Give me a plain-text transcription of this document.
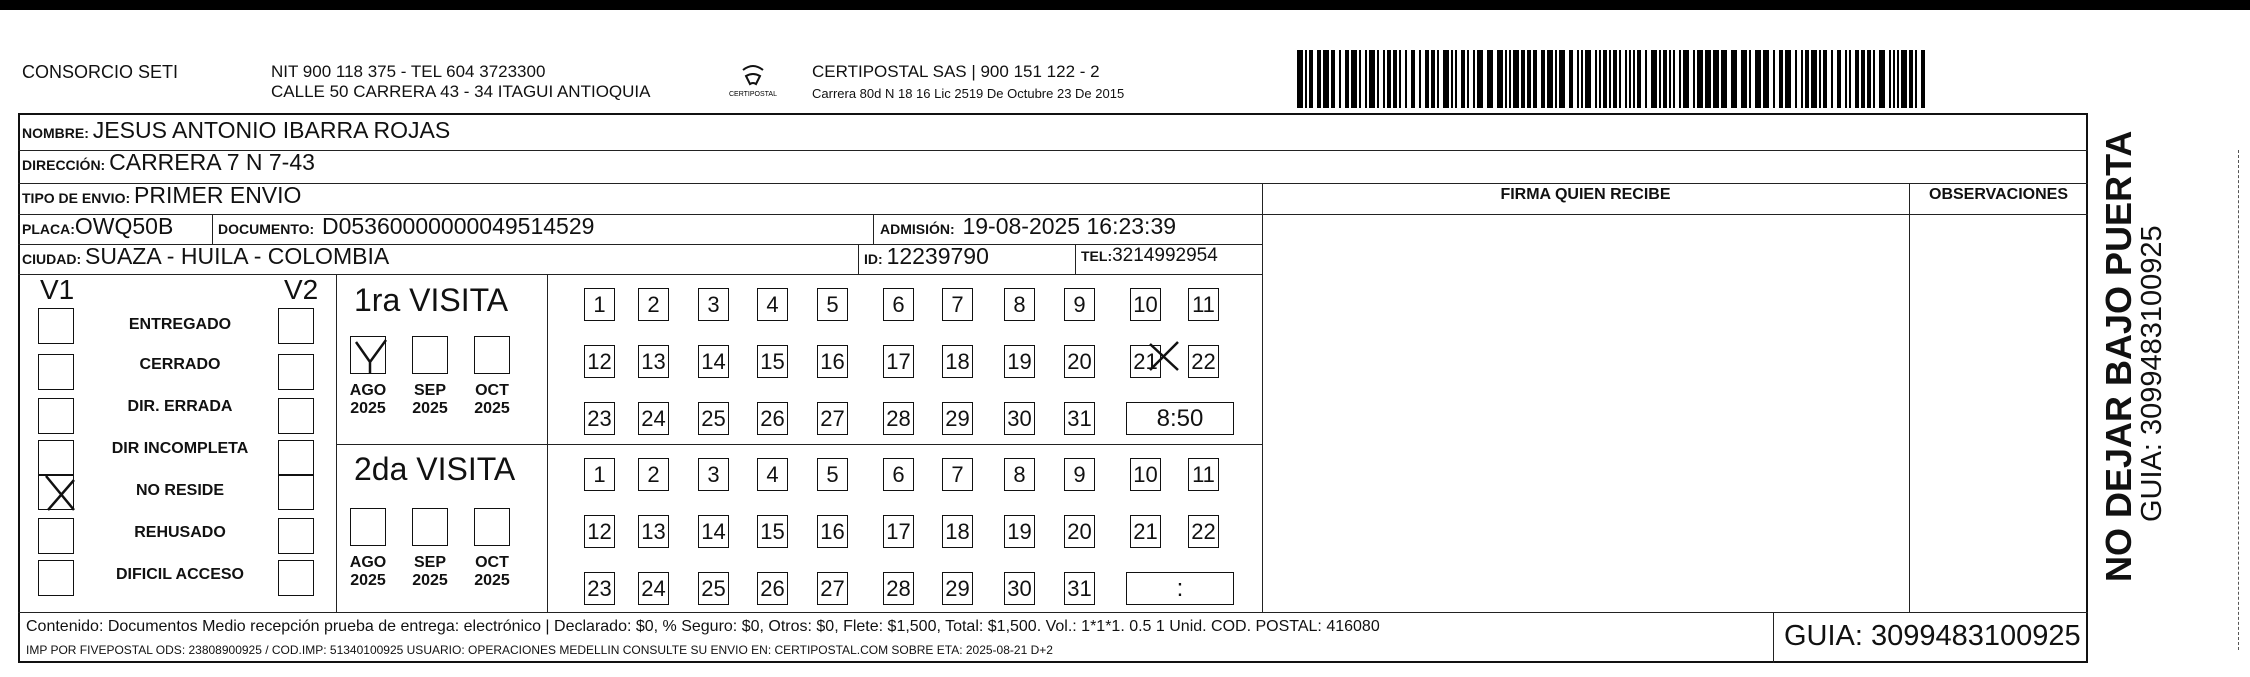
CONSORCIO SETI	NIT 900 118 375 - TEL 604 3723300
CALLE 50 CARRERA 43 - 34 ITAGUI ANTIOQUIA	CERTIPOSTAL
CERTIPOSTAL SAS | 900 151 122 - 2
Carrera 80d N 18 16 Lic 2519 De Octubre 23 De 2015
NOMBRE: JESUS ANTONIO IBARRA ROJAS
DIRECCIÓN: CARRERA 7 N 7-43
TIPO DE ENVIO: PRIMER ENVIO
PLACA:OWQ50B	DOCUMENTO: D05360000000049514529	ADMISIÓN: 19-08-2025 16:23:39
CIUDAD: SUAZA - HUILA - COLOMBIA	ID: 12239790	TEL:3214992954
FIRMA QUIEN RECIBE	OBSERVACIONES
V1	V2
ENTREGADO
CERRADO
DIR. ERRADA
DIR INCOMPLETA
NO RESIDE
REHUSADO
DIFICIL ACCESO
1ra VISITA
2da VISITA
1	2	3	4	5	6	7	8	9	10 11
12 13 14 15 16 17 18 19 20 21 22
23 24 25 26 27 28 29 30 31	8:50
1	2	3	4	5	6	7	8	9	10 11
12 13 14 15 16 17 18 19 20 21 22
23 24 25 26 27 28 29 30 31	:
AGO
2025
SEP
2025
OCT
2025
AGO
2025
SEP
2025
OCT
2025
Contenido: Documentos Medio recepción prueba de entrega: electrónico | Declarado: $0, % Seguro: $0, Otros: $0, Flete: $1,500, Total: $1,500. Vol.: 1*1*1. 0.5 1 Unid. COD. POSTAL: 416080
IMP POR FIVEPOSTAL ODS: 23808900925 / COD.IMP: 51340100925 USUARIO: OPERACIONES MEDELLIN CONSULTE SU ENVIO EN: CERTIPOSTAL.COM SOBRE ETA: 2025-08-21 D+2	GUIA: 3099483100925
NO DEJAR BAJO PUERTA
GUIA: 3099483100925
